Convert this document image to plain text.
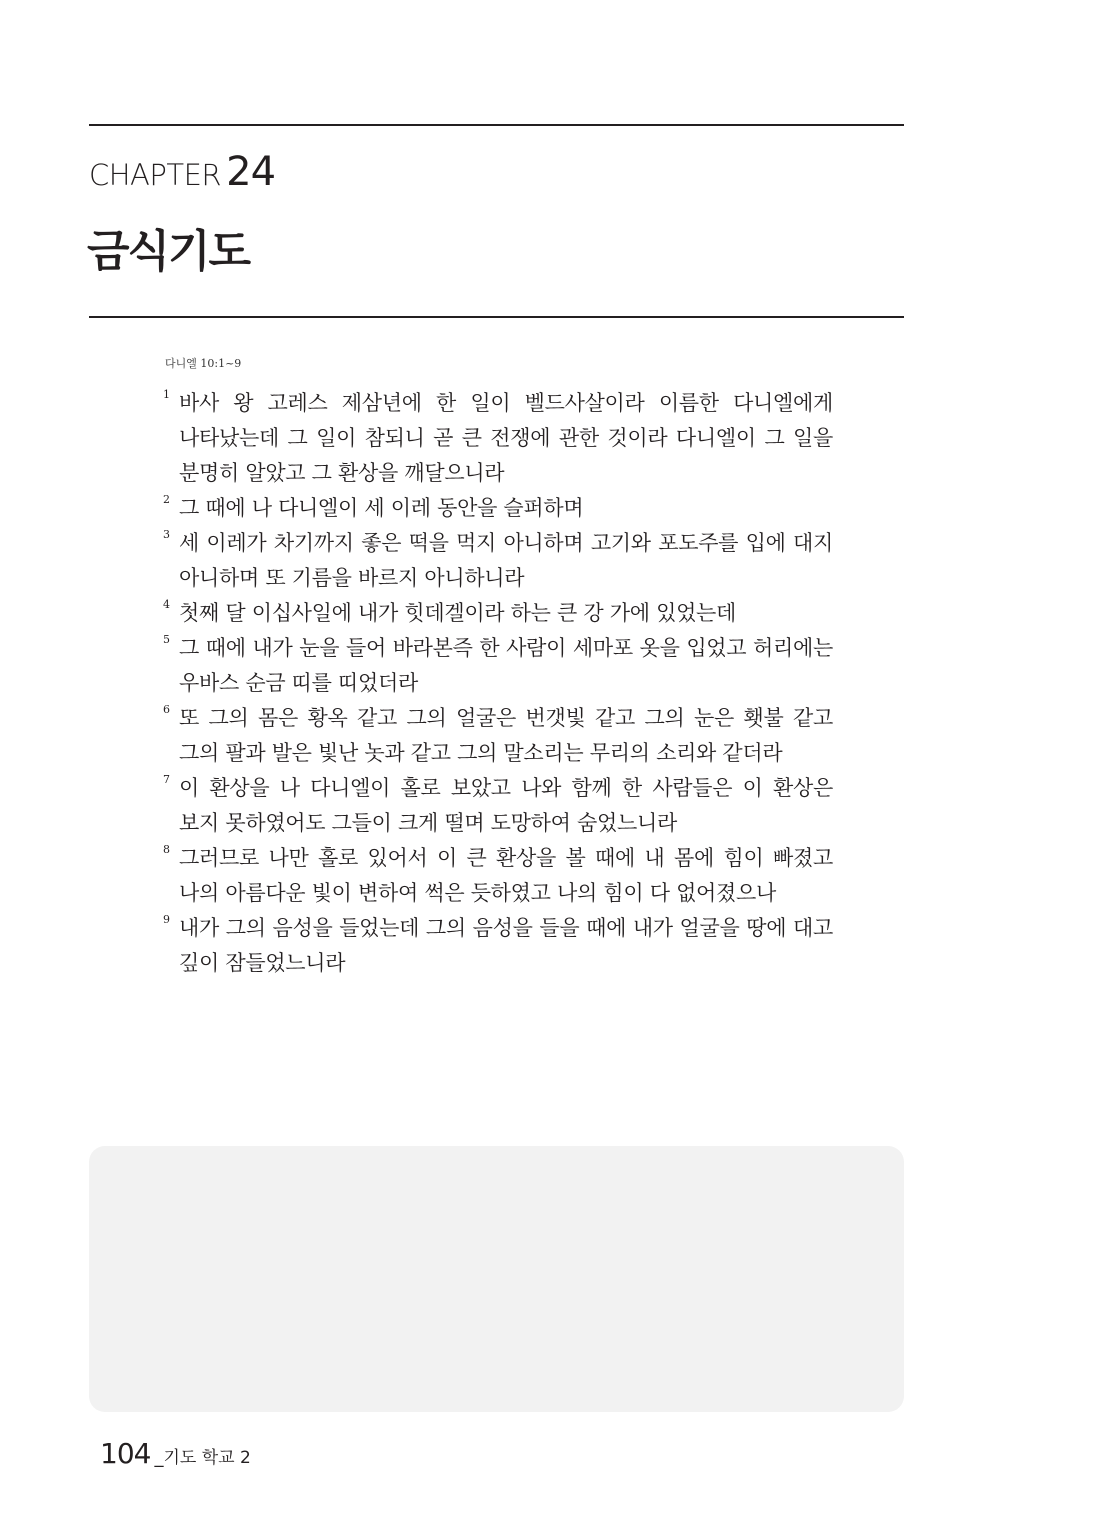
CHAPTER 24
금식기도
다니엘 10:1~9
1 바사 왕 고레스 제삼년에 한 일이 벨드사살이라 이름한 다니엘에게 나타났는데 그 일이 참되니 곧 큰 전쟁에 관한 것이라 다니엘이 그 일을 분명히 알았고 그 환상을 깨달으니라
2 그 때에 나 다니엘이 세 이레 동안을 슬퍼하며
3 세 이레가 차기까지 좋은 떡을 먹지 아니하며 고기와 포도주를 입에 대지 아니하며 또 기름을 바르지 아니하니라
4 첫째 달 이십사일에 내가 힛데겔이라 하는 큰 강 가에 있었는데
5 그 때에 내가 눈을 들어 바라본즉 한 사람이 세마포 옷을 입었고 허리에는 우바스 순금 띠를 띠었더라
6 또 그의 몸은 황옥 같고 그의 얼굴은 번갯빛 같고 그의 눈은 횃불 같고 그의 팔과 발은 빛난 놋과 같고 그의 말소리는 무리의 소리와 같더라
7 이 환상을 나 다니엘이 홀로 보았고 나와 함께 한 사람들은 이 환상은 보지 못하였어도 그들이 크게 떨며 도망하여 숨었느니라
8 그러므로 나만 홀로 있어서 이 큰 환상을 볼 때에 내 몸에 힘이 빠졌고 나의 아름다운 빛이 변하여 썩은 듯하였고 나의 힘이 다 없어졌으나
9 내가 그의 음성을 들었는데 그의 음성을 들을 때에 내가 얼굴을 땅에 대고 깊이 잠들었느니라
104 _기도 학교 2
